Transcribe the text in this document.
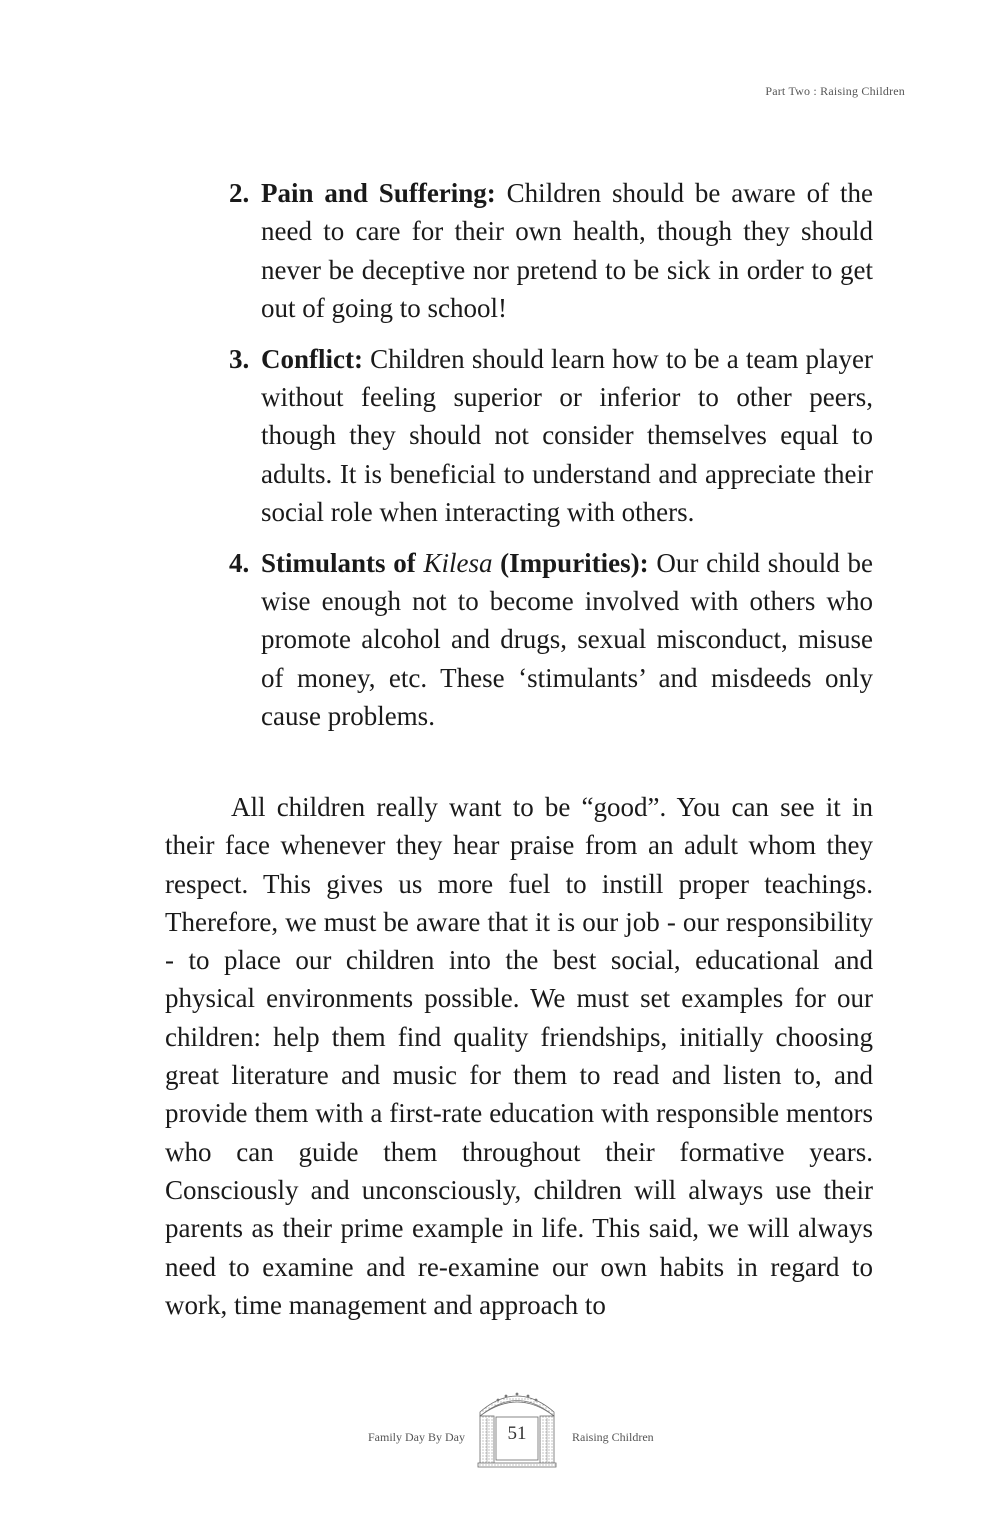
Part Two : Raising Children
2. Pain and Suffering: Children should be aware of the need to care for their own health, though they should never be deceptive nor pretend to be sick in order to get out of going to school!
3. Conflict: Children should learn how to be a team player without feeling superior or inferior to other peers, though they should not consider themselves equal to adults. It is beneficial to understand and appreciate their social role when interacting with others.
4. Stimulants of Kilesa (Impurities): Our child should be wise enough not to become involved with others who promote alcohol and drugs, sexual misconduct, misuse of money, etc. These ‘stimulants’ and misdeeds only cause problems.
All children really want to be “good”. You can see it in their face whenever they hear praise from an adult whom they respect. This gives us more fuel to instill proper teachings. Therefore, we must be aware that it is our job - our responsibility - to place our children into the best social, educational and physical environments possible. We must set examples for our children: help them find quality friendships, initially choosing great literature and music for them to read and listen to, and provide them with a first-rate education with responsible mentors who can guide them throughout their formative years. Consciously and unconsciously, children will always use their parents as their prime example in life. This said, we will always need to examine and re-examine our own habits in regard to work, time management and approach to
Family Day By Day	51	Raising Children
